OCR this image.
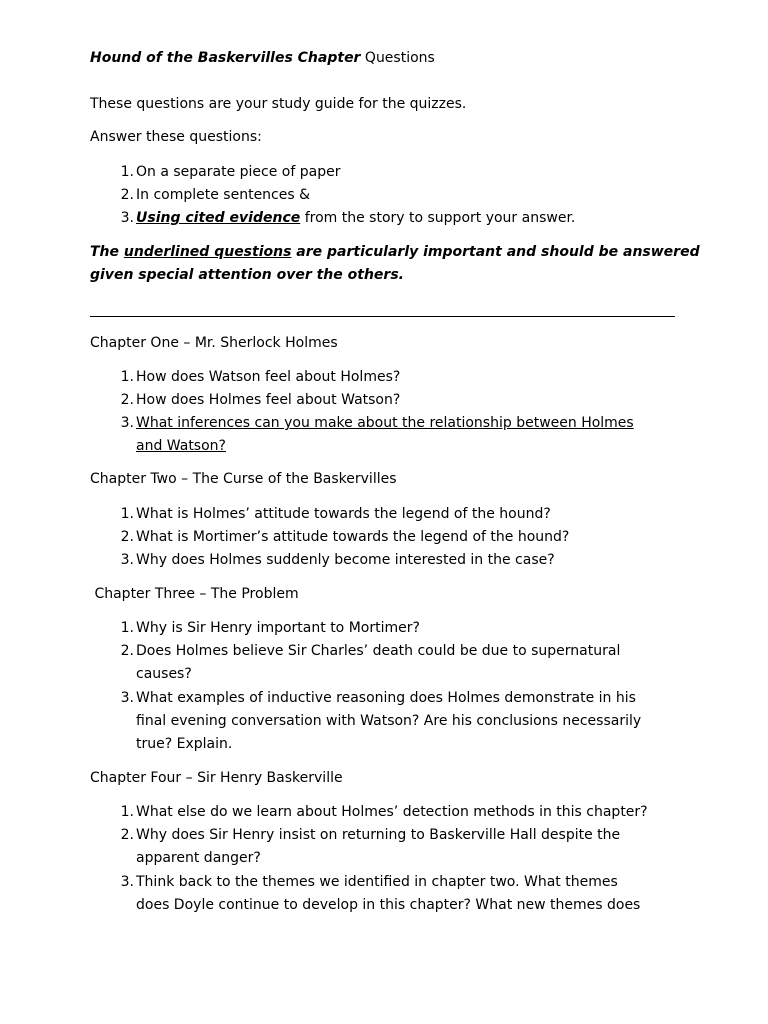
Hound of the Baskervilles Chapter Questions
These questions are your study guide for the quizzes.
Answer these questions:
1. On a separate piece of paper
2. In complete sentences &
3. Using cited evidence from the story to support your answer.
The underlined questions are particularly important and should be answered
given special attention over the others.
Chapter One – Mr. Sherlock Holmes
1. How does Watson feel about Holmes?
2. How does Holmes feel about Watson?
3. What inferences can you make about the relationship between Holmes
and Watson?
Chapter Two – The Curse of the Baskervilles
1. What is Holmes’ attitude towards the legend of the hound?
2. What is Mortimer’s attitude towards the legend of the hound?
3. Why does Holmes suddenly become interested in the case?
Chapter Three – The Problem
1. Why is Sir Henry important to Mortimer?
2. Does Holmes believe Sir Charles’ death could be due to supernatural
causes?
3. What examples of inductive reasoning does Holmes demonstrate in his
final evening conversation with Watson? Are his conclusions necessarily
true? Explain.
Chapter Four – Sir Henry Baskerville
1. What else do we learn about Holmes’ detection methods in this chapter?
2. Why does Sir Henry insist on returning to Baskerville Hall despite the
apparent danger?
3. Think back to the themes we identified in chapter two. What themes
does Doyle continue to develop in this chapter? What new themes does
